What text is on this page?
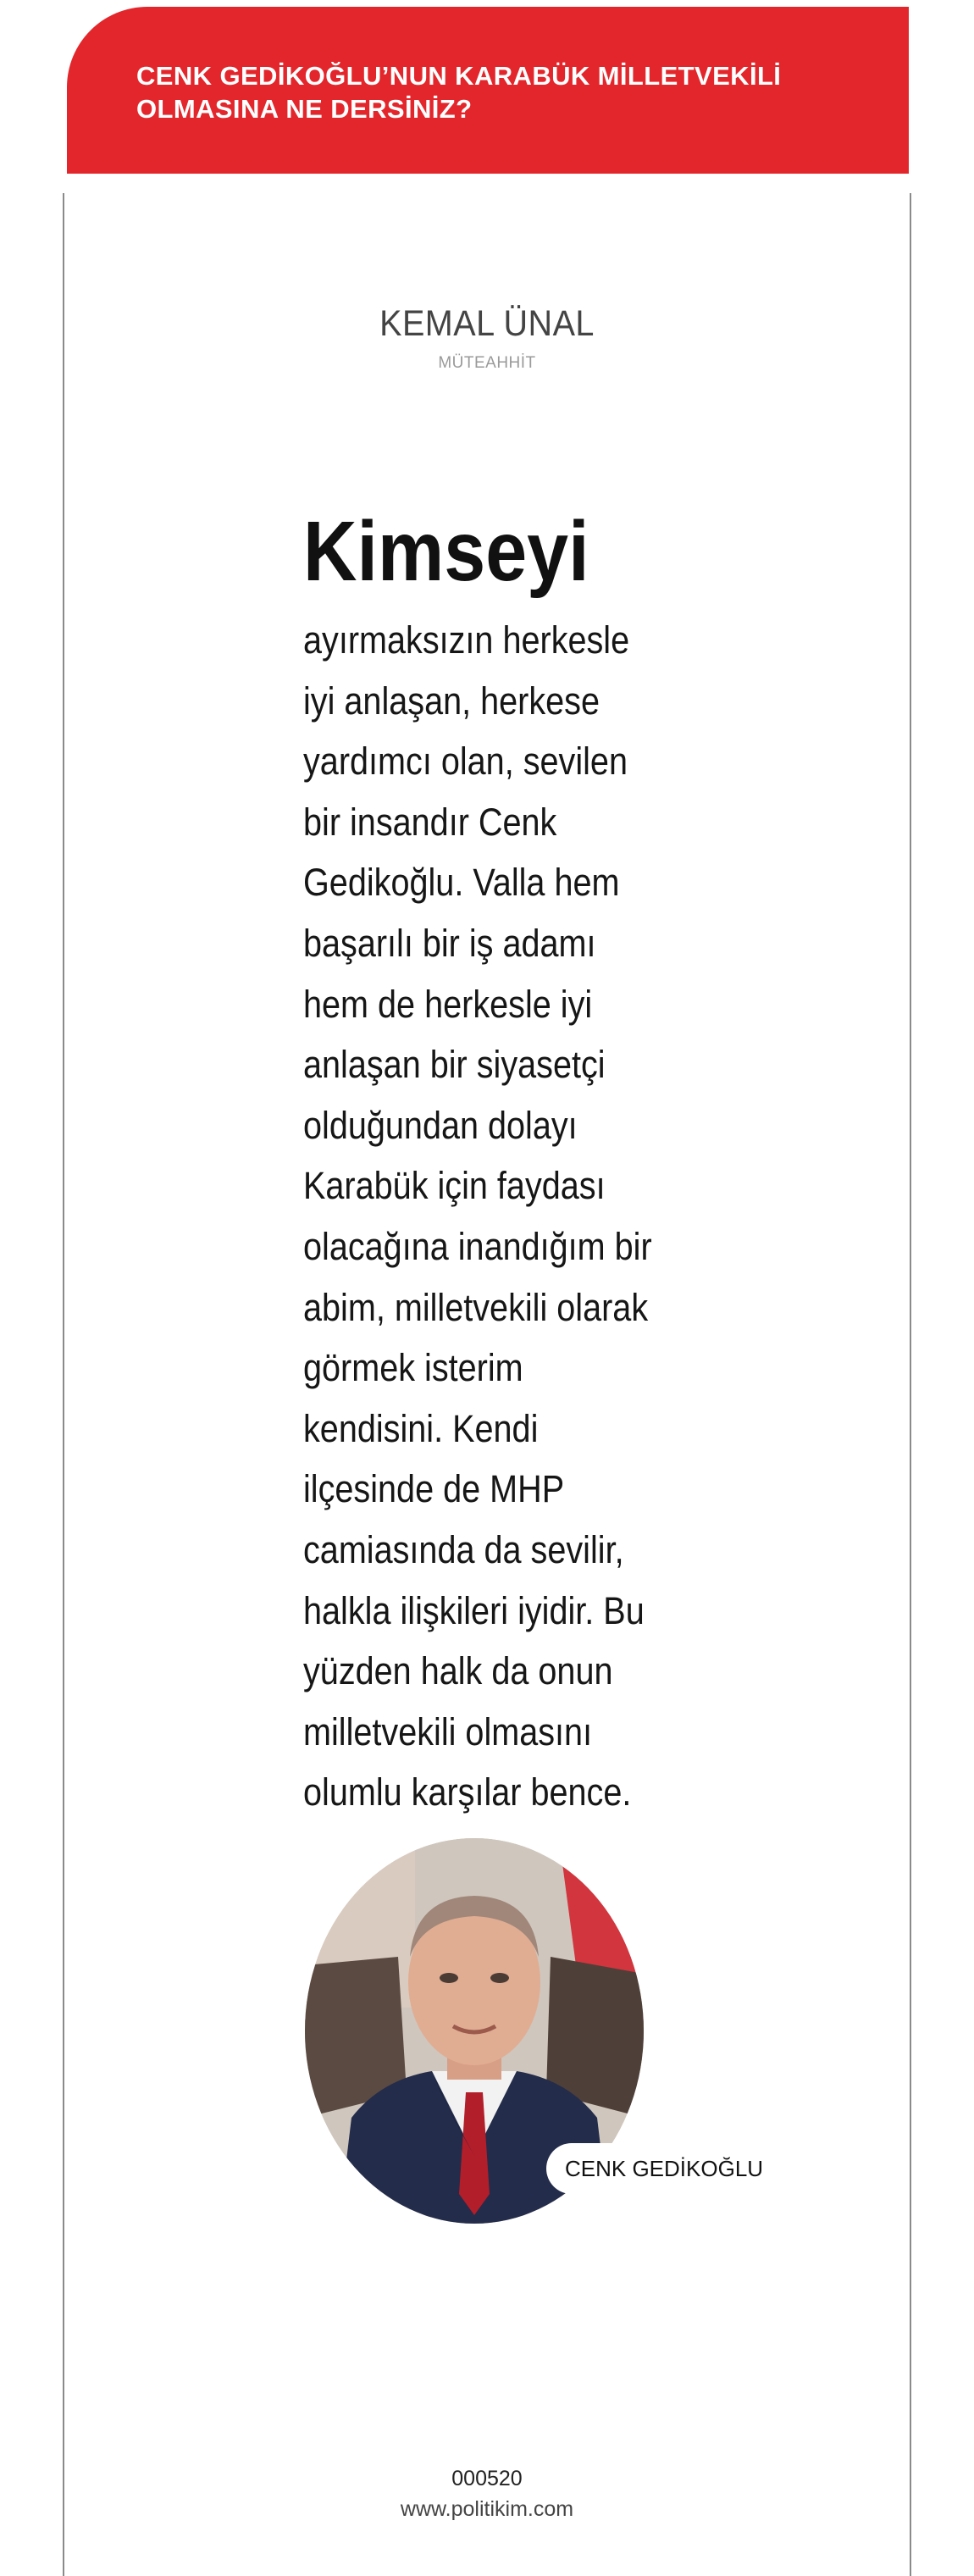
CENK GEDİKOĞLU’NUN KARABÜK MİLLETVEKİLİ OLMASINA NE DERSİNİZ?
KEMAL ÜNAL
MÜTEAHHİT

Kimseyi

ayırmaksızın herkesle iyi anlaşan, herkese yardımcı olan, sevilen bir insandır Cenk Gedikoğlu. Valla hem başarılı bir iş adamı hem de herkesle iyi anlaşan bir siyasetçi olduğundan dolayı Karabük için faydası olacağına inandığım bir abim, milletvekili olarak görmek isterim kendisini. Kendi ilçesinde de MHP camiasında da sevilir, halkla ilişkileri iyidir. Bu yüzden halk da onun milletvekili olmasını olumlu karşılar bence.

CENK GEDİKOĞLU
000520
www.politikim.com
